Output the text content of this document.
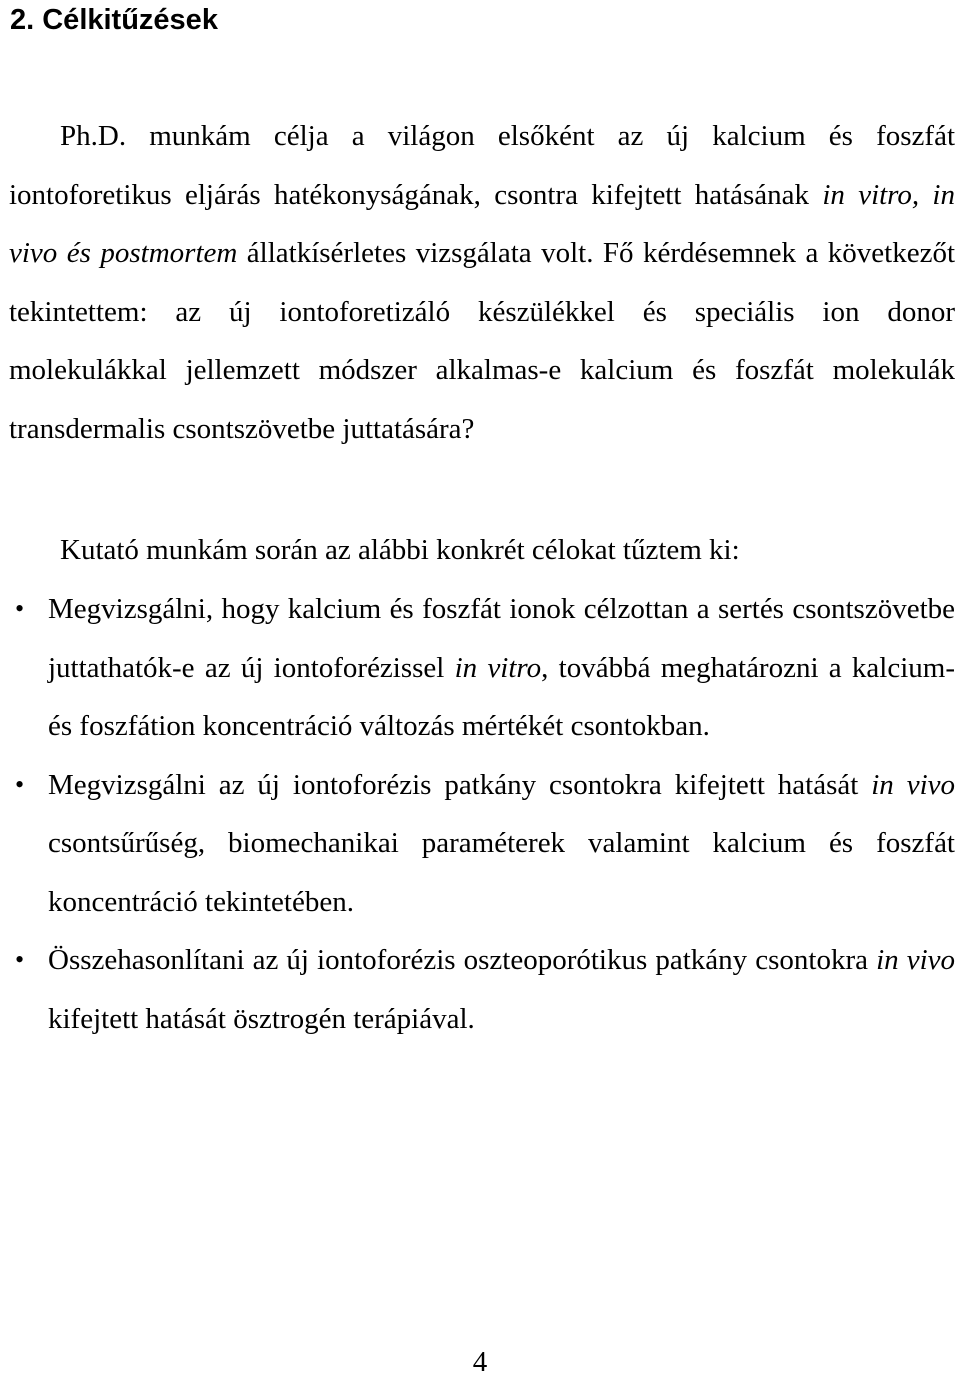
2. Célkitűzések

Ph.D. munkám célja a világon elsőként az új kalcium és foszfát iontoforetikus eljárás hatékonyságának, csontra kifejtett hatásának in vitro, in vivo és postmortem állatkísérletes vizsgálata volt. Fő kérdésemnek a következőt tekintettem: az új iontoforetizáló készülékkel és speciális ion donor molekulákkal jellemzett módszer alkalmas-e kalcium és foszfát molekulák transdermalis csontszövetbe juttatására?

Kutató munkám során az alábbi konkrét célokat tűztem ki:

• Megvizsgálni, hogy kalcium és foszfát ionok célzottan a sertés csontszövetbe juttathatók-e az új iontoforézissel in vitro, továbbá meghatározni a kalcium- és foszfátion koncentráció változás mértékét csontokban.
• Megvizsgálni az új iontoforézis patkány csontokra kifejtett hatását in vivo csontsűrűség, biomechanikai paraméterek valamint kalcium és foszfát koncentráció tekintetében.
• Összehasonlítani az új iontoforézis oszteoporótikus patkány csontokra in vivo kifejtett hatását ösztrogén terápiával.
4
